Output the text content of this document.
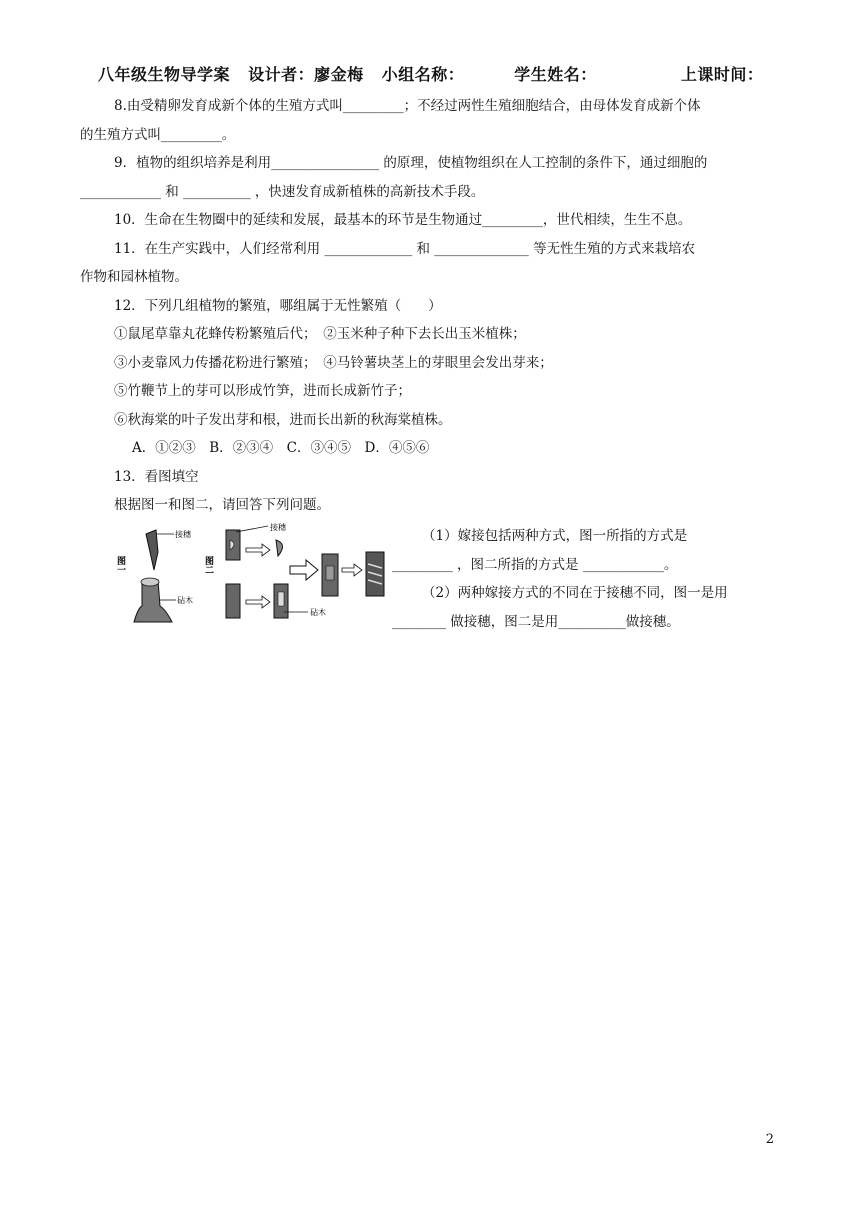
八年级生物导学案 设计者：廖金梅 小组名称：	学生姓名：	上课时间：
8.由受精卵发育成新个体的生殖方式叫_________；不经过两性生殖细胞结合，由母体发育成新个体
的生殖方式叫_________。
9．植物的组织培养是利用________________ 的原理，使植物组织在人工控制的条件下，通过细胞的
____________ 和 __________ ，快速发育成新植株的高新技术手段。
10．生命在生物圈中的延续和发展，最基本的环节是生物通过_________，世代相续，生生不息。
11．在生产实践中，人们经常利用 _____________ 和 ______________ 等无性生殖的方式来栽培农
作物和园林植物。
12．下列几组植物的繁殖，哪组属于无性繁殖（　　）
①鼠尾草靠丸花蜂传粉繁殖后代；　②玉米种子种下去长出玉米植株；
③小麦靠风力传播花粉进行繁殖；　④马铃薯块茎上的芽眼里会发出芽来；
⑤竹鞭节上的芽可以形成竹笋，进而长成新竹子；
⑥秋海棠的叶子发出芽和根，进而长出新的秋海棠植株。
A．①②③　B．②③④　C．③④⑤　D．④⑤⑥
13．看图填空
根据图一和图二，请回答下列问题。
图一
接穗
砧木
图二
接穗
砧木
（1）嫁接包括两种方式，图一所指的方式是
_________ ，图二所指的方式是 ____________。
（2）两种嫁接方式的不同在于接穗不同，图一是用
________ 做接穗，图二是用__________做接穗。
2
